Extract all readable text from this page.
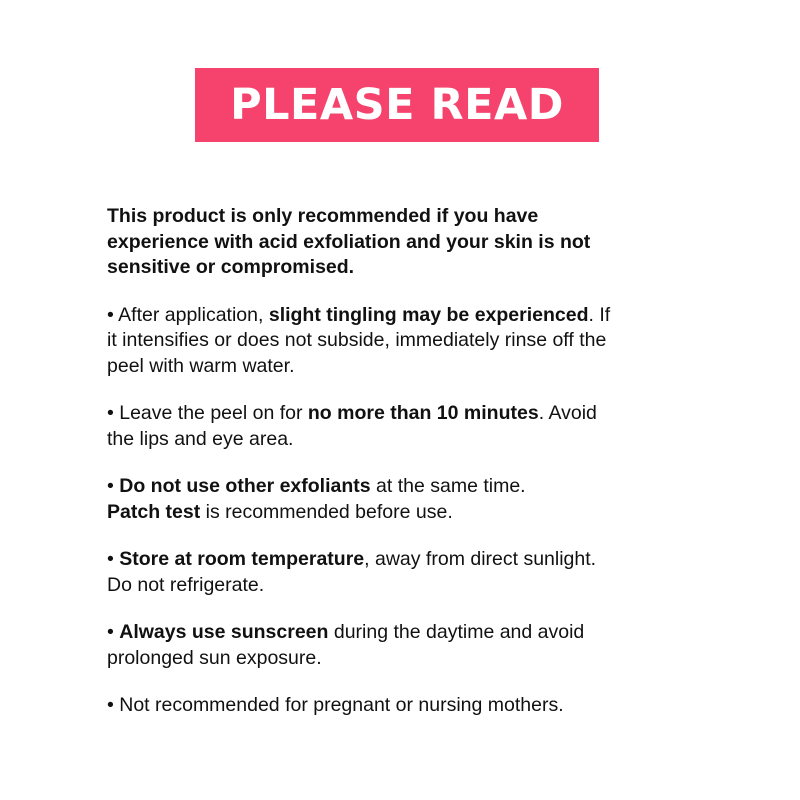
PLEASE READ

This product is only recommended if you have
experience with acid exfoliation and your skin is not
sensitive or compromised.

• After application, slight tingling may be experienced. If
it intensifies or does not subside, immediately rinse off the
peel with warm water.

• Leave the peel on for no more than 10 minutes. Avoid
the lips and eye area.

• Do not use other exfoliants at the same time.
Patch test is recommended before use.

• Store at room temperature, away from direct sunlight.
Do not refrigerate.

• Always use sunscreen during the daytime and avoid
prolonged sun exposure.

• Not recommended for pregnant or nursing mothers.
